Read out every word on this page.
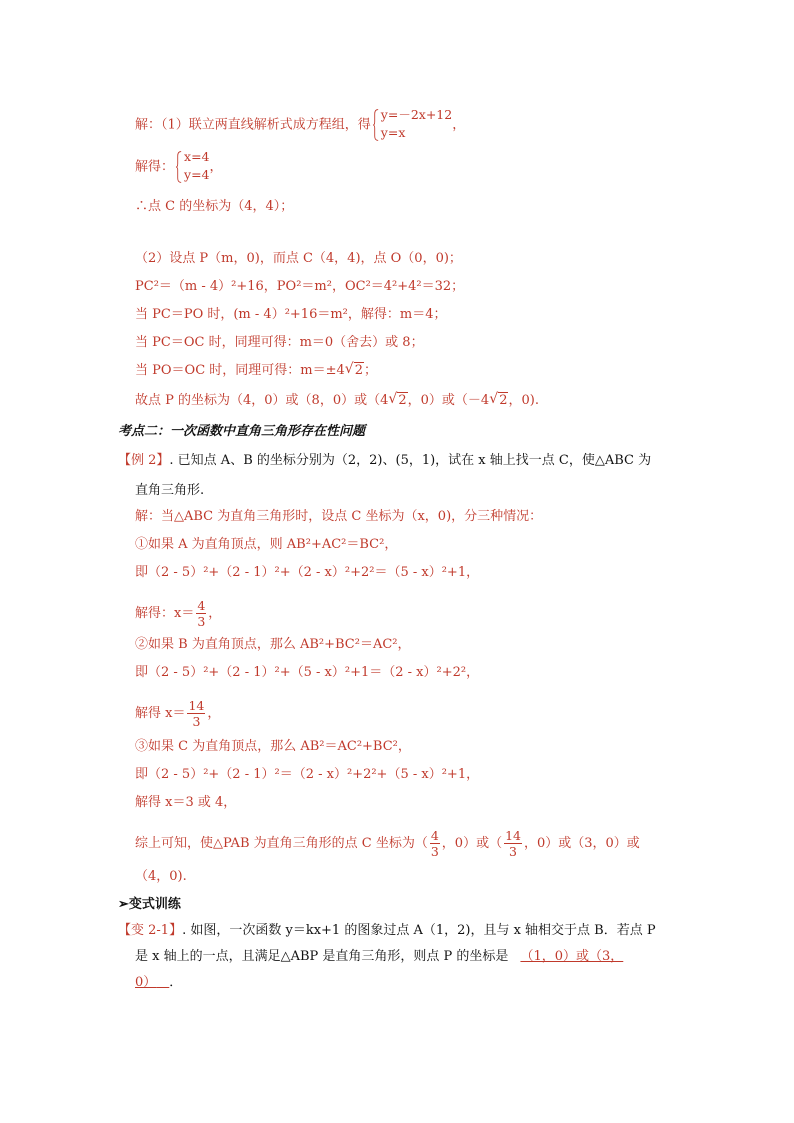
解：（1）联立两直线解析式成方程组，得
y=－2x+12
y=x	，
解得：
x=4
y=4 ，
∴点 C 的坐标为（4，4）；
（2）设点 P（m，0)，而点 C（4，4)，点 O（0，0)；
PC²＝（m - 4）²+16，PO²＝m²，OC²＝4²+4²＝32；
当 PC＝PO 时，(m - 4）²+16＝m²，解得：m＝4；
当 PC＝OC 时，同理可得：m＝0（舍去）或 8；
当 PO＝OC 时，同理可得：m＝±4 √ 2；
故点 P 的坐标为（4，0）或（8，0）或（4 √ 2，0）或（－4 √ 2，0).
考点二：一次函数中直角三角形存在性问题
【例 2】. 已知点 A、B 的坐标分别为（2，2)、(5，1)，试在 x 轴上找一点 C，使△ABC 为
直角三角形.
解：当△ABC 为直角三角形时，设点 C 坐标为（x，0)，分三种情况：
①如果 A 为直角顶点，则 AB²+AC²＝BC²，
即（2 - 5）²+（2 - 1）²+（2 - x）²+2²＝（5 - x）²+1，
解得：$x= \frac{4}{3}$ ，
②如果 B 为直角顶点，那么 AB²+BC²＝AC²，
即（2 - 5）²+（2 - 1）²+（5 - x）²+1＝（2 - x）²+2²，
解得 $x= \frac{14}{3}$ ，
③如果 C 为直角顶点，那么 AB²＝AC²+BC²，
即（2 - 5）²+（2 - 1）²＝（2 - x）²+2²+（5 - x）²+1，
解得 x＝3 或 4，
综上可知，使△PAB 为直角三角形的点 C 坐标为（ $\frac{4}{3}$ ，0）或（ $\frac{14}{3}$ ，0）或（3，0）或
（4，0).
➢变式训练
【变 2-1】. 如图，一次函数 y＝kx+1 的图象过点 A（1，2)，且与 x 轴相交于点 B．若点 P
是 x 轴上的一点，且满足△ABP 是直角三角形，则点 P 的坐标是 （1，0）或（3，
0）  ．
